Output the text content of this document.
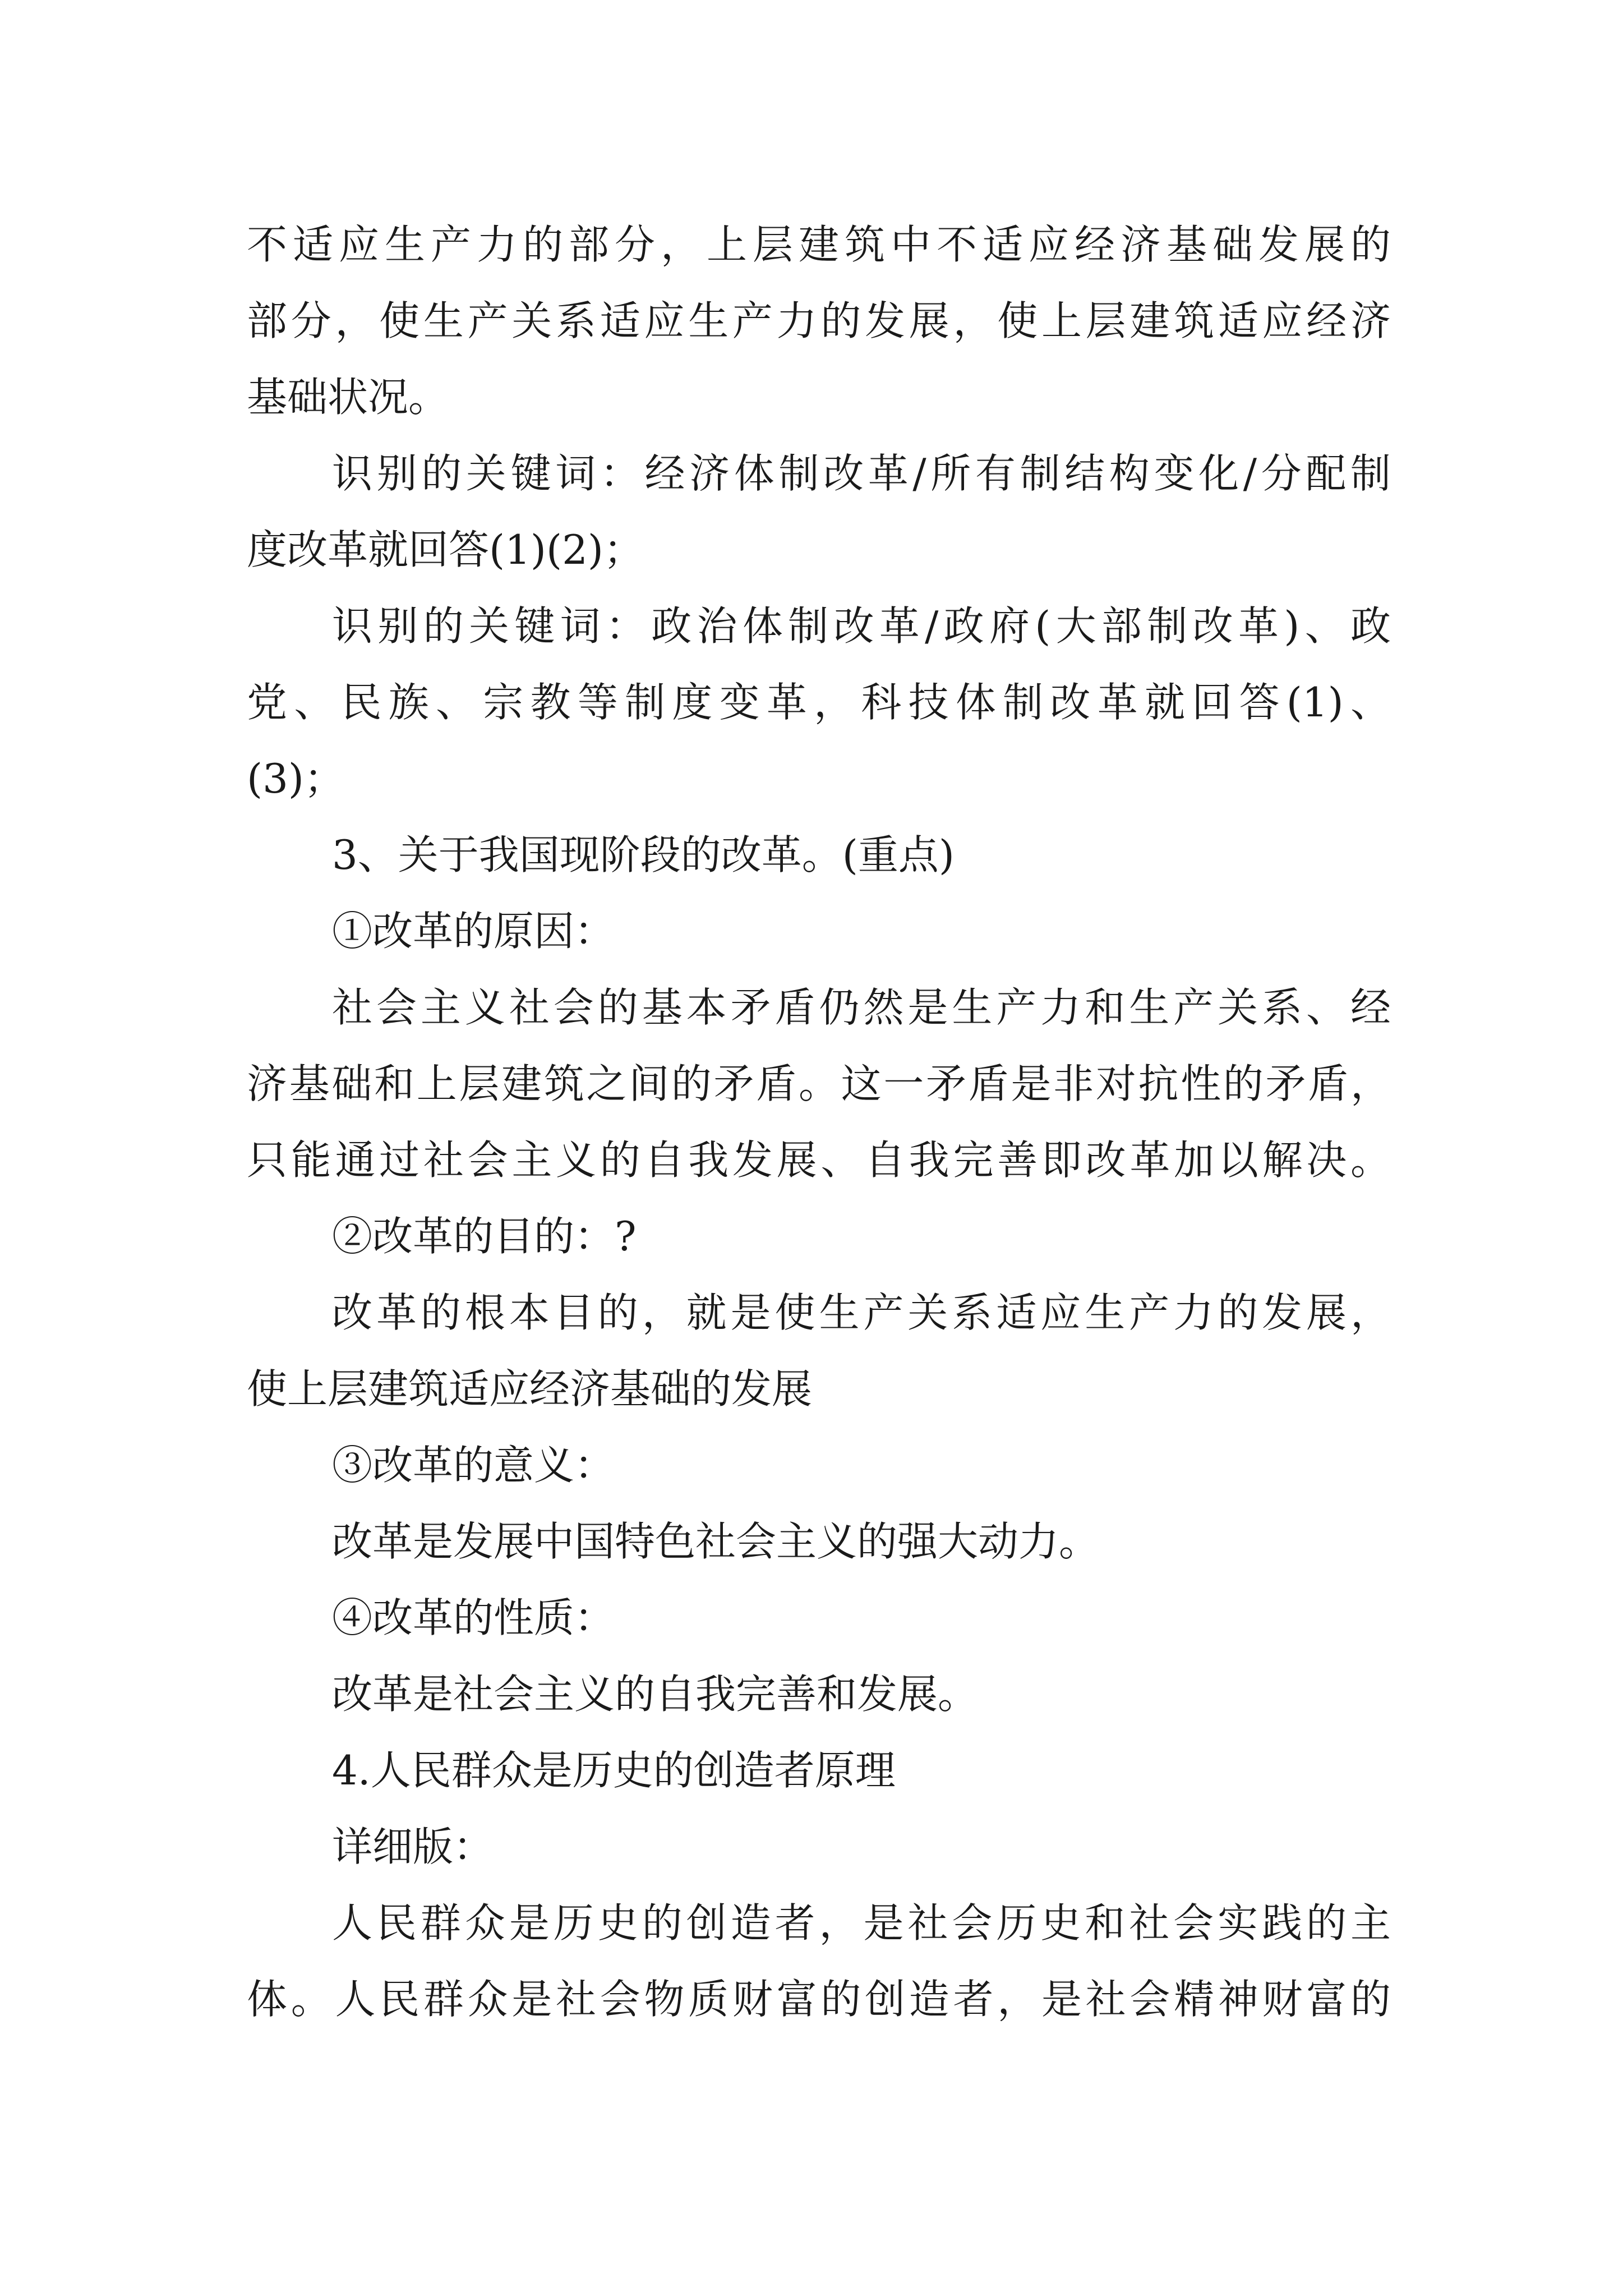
不适应生产力的部分，上层建筑中不适应经济基础发展的
部分，使生产关系适应生产力的发展，使上层建筑适应经济
基础状况。
识别的关键词：经济体制改革/所有制结构变化/分配制
度改革就回答(1)(2)；
识别的关键词：政治体制改革/政府(大部制改革)、政
党、民族、宗教等制度变革，科技体制改革就回答(1)、
(3)；
3、关于我国现阶段的改革。(重点)
①改革的原因：
社会主义社会的基本矛盾仍然是生产力和生产关系、经
济基础和上层建筑之间的矛盾。这一矛盾是非对抗性的矛盾，
只能通过社会主义的自我发展、自我完善即改革加以解决。
②改革的目的：?
改革的根本目的，就是使生产关系适应生产力的发展，
使上层建筑适应经济基础的发展
③改革的意义：
改革是发展中国特色社会主义的强大动力。
④改革的性质：
改革是社会主义的自我完善和发展。
4.人民群众是历史的创造者原理
详细版：
人民群众是历史的创造者，是社会历史和社会实践的主
体。人民群众是社会物质财富的创造者，是社会精神财富的
